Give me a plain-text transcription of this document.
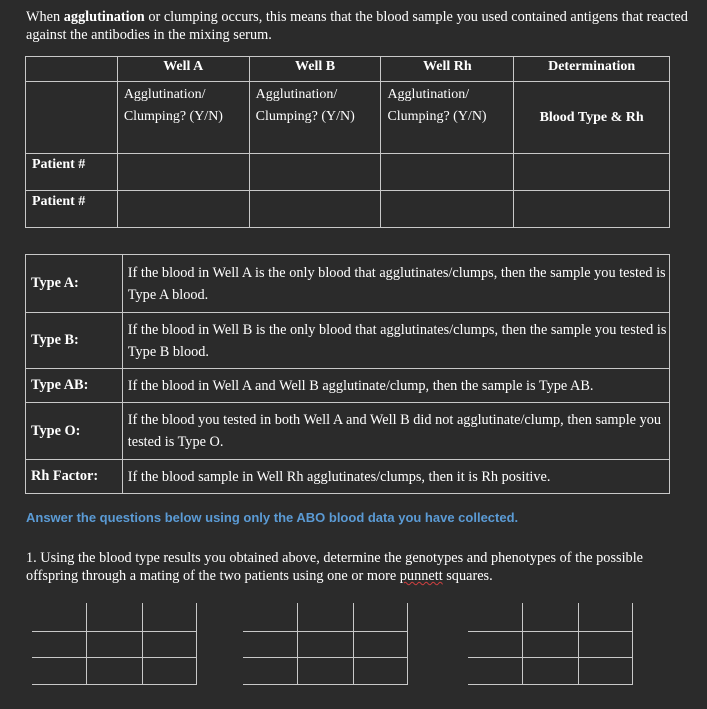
When agglutination or clumping occurs, this means that the blood sample you used contained antigens that reacted against the antibodies in the mixing serum.
	Well A	Well B	Well Rh	Determination
	Agglutination/ Clumping? (Y/N)	Agglutination/ Clumping? (Y/N)	Agglutination/ Clumping? (Y/N)	Blood Type & Rh
Patient #				
Patient #				
Type A:	If the blood in Well A is the only blood that agglutinates/clumps, then the sample you tested is Type A blood.
Type B:	If the blood in Well B is the only blood that agglutinates/clumps, then the sample you tested is Type B blood.
Type AB:	If the blood in Well A and Well B agglutinate/clump, then the sample is Type AB.
Type O:	If the blood you tested in both Well A and Well B did not agglutinate/clump, then sample you tested is Type O.
Rh Factor:	If the blood sample in Well Rh agglutinates/clumps, then it is Rh positive.
Answer the questions below using only the ABO blood data you have collected.
1. Using the blood type results you obtained above, determine the genotypes and phenotypes of the possible offspring through a mating of the two patients using one or more punnett squares.
